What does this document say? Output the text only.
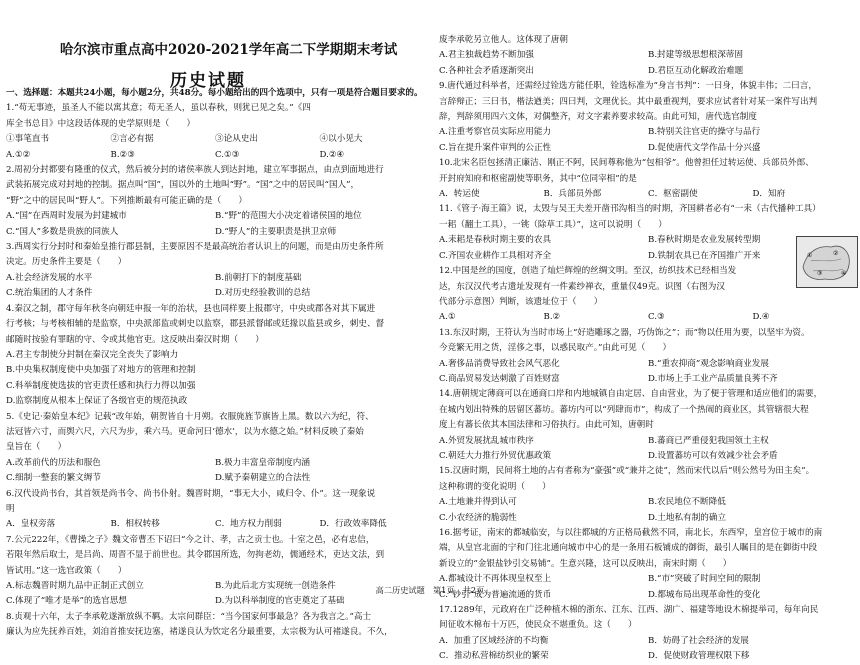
哈尔滨市重点高中2020-2021学年高二下学期期末考试
历史试题
一、选择题：本题共24小题，每小题2分，共48分。每小题给出的四个选项中，只有一项是符合题目要求的。
1.“苟无事迹，虽圣人不能以寓其意；苟无圣人，虽以春秋，则犹已见之矣。”《四
库全书总目》中这段话体现的史学原则是（　　）
①事笔直书	②言必有据	③论从史出	④以小见大
A.①②	B.②③	C.①③	D.②④
2.周初分封都要有隆重的仪式，然后被分封的诸侯率族人到达封地，建立军事据点，由点到面地进行
武装拓展完成对封地的控制。据点叫“国”，国以外的土地叫“野”。“国”之中的居民叫“国人”，
“野”之中的居民叫“野人”。下列推断最有可能正确的是（　　）
A.“国”在西周时发展为封建城市	B.“野”的范围大小决定着诸侯国的地位
C.“国人”多数是贵族的同族人	D.“野人”的主要职责是拱卫京师
3.西周实行分封时和秦始皇推行郡县制，主要原因不是最高统治者认识上的问题，而是由历史条件所
决定。历史条件主要是（　　）
A.社会经济发展的水平	B.前朝打下的制度基础
C.统治集团的人才条件	D.对历史经验教训的总结
4.秦汉之制，郡守每年秋冬向朝廷申报一年的治状，县也同样要上报郡守，中央或郡各对其下属进
行考核；与考核相辅的是监察，中央派部监或刺史以监察，郡县派督邮或廷掾以监县或乡，刺史、督
邮随时按验有罪瞎的守、令或其他官吏。这反映出秦汉时期（　　）
A.君主专制使分封制在秦汉完全丧失了影响力
B.中央集权制度使中央加强了对地方的管理和控制
C.科举制度使选拔的官吏责任感和执行力得以加强
D.监察制度从根本上保证了各级官吏的规范执政
5.《史记·秦始皇本纪》记载“改年始，朝贺皆自十月朔。衣服旄旌节旗皆上黑。数以六为纪，符、
法冠皆六寸，而舆六尺，六尺为步，乘六马。更命河曰‘德水’，以为水德之始。”材料反映了秦始
皇旨在（　　）
A.改革前代的历法和服色	B.极力丰富皇帝制度内涵
C.细制一整套的繁文缛节	D.赋予秦朝建立的合法性
6.汉代设尚书台，其首领是尚书令、尚书仆射。魏晋时期，“事无大小，咸归令、仆”。这一现象说
明
A．皇权旁落	B．相权转移	C．地方权力削弱	D．行政效率降低
7.公元222年，《曹操之子》魏文帝曹丕下诏曰“今之计、孝，古之贡士也。十室之邑，必有忠信，
若限年然后取士，是吕尚、周晋不显于前世也。其令郡国所选，勿拘老幼，儒通经术，吏达文法，到
皆试用。”这一选官政策（　　）
A.标志魏晋时期九品中正制正式创立	B.为此后北方实现统一创造条件
C.体现了“唯才是举”的选官思想	D.为以科举制度的官吏奠定了基础
8.贞观十六年，太子李承乾遂渐放纵不羁。太宗问群臣：“当今国家何事最急？各为我言之。”高士
廉认为应先抚养百姓，刘洎首推安抚边塞，褚遂良认为饮定名分最重要，太宗极为认可褚遂良。不久，
废李承乾另立他人。这体现了唐朝
A.君主独裁趋势不断加强	B.封建等级思想根深蒂固
C.各种社会矛盾逐渐突出	D.君臣互动化解政治难题
9.唐代通过科举者，还需经过铨选方能任职，铨选标准为“身言书判”：一曰身，体貌丰伟；二曰言，
言辞辩正；三曰书，楷法遒美；四曰判，文理优长。其中最重视判，要求应试者针对某一案件写出判
辞，判辞须用四六文体，对偶整齐，对文字素养要求较高。由此可知，唐代选官制度
A.注重考察官员实际应用能力	B.特别关注官吏的操守与品行
C.旨在提升案件审判的公正性	D.促使唐代文学作品十分兴盛
10.北宋名臣包拯清正廉洁、刚正不阿，民间尊称他为“包相爷”。他曾担任过转运使、兵部员外郎、
开封府知府和枢密副使等职务，其中“位同宰相”的是
A．转运使	B．兵部员外郎	C．枢密副使	D．知府
11.《管子·海王篇》说，太毁与吴王夫差开凿邗沟相当的时期，齐国耕者必有“一耒（古代播种工具）
一耜（翻土工具），一铫（除草工具）”，这可以说明（　　）
A.耒耜是春秋时期主要的农具	B.春秋时期是农业发展转型期
C.齐国农业耕作工具相对齐全	D.铁制农具已在齐国推广开来
12.中国是丝的国度，创造了灿烂辉煌的丝绸文明。至汉，纺织技术已经相当发
达，东汉汉代考古遗址发现有一件素纱禅衣，重量仅49克。识图（右图为汉
代部分示意图）判断，该遗址位于（　　）
A.①	B.②	C.③	D.④
13.东汉时期，王符认为当时市场上“好造雕琢之器，巧伪饰之”；而“物以任用为要，以坚牢为资。
今竞繁无用之货，淫侈之事，以惑民取产。”由此可见（　　）
A.奢侈品消费导致社会风气恶化	B.“重农抑商”观念影响商业发展
C.商品贸易发达刺激了百姓财富	D.市场上手工业产品质量良莠不齐
14.唐朝规定薄商可以在通商口岸和内地城镇自由定居、自由营业，为了便于管理和适应他们的需要，
在城内划出特殊的居留区蕃坊。蕃坊内可以“列肆而市”，构成了一个热闹的商业区，其管辖很大程
度上有蕃长依其本国法律和习俗执行。由此可知，唐朝时
A.外贸发展扰乱城市秩序	B.蕃商已严重侵犯我国领土主权
C.朝廷大力推行外贸优惠政策	D.设置蕃坊可以有效减少社会矛盾
15.汉唐时期，民间将土地的占有者称为“豪强”或“兼并之徒”，然而宋代以后“则公然号为田主矣”。
这种称谓的变化说明（　　）
A.土地兼并得到认可	B.农民地位不断降低
C.小农经济的脆弱性	D.土地私有制的确立
16.据考证，南宋的都城临安，与以往都城的方正格局截然不同，南北长，东西窄，皇宫位于城市的南
端，从皇宫北面的宁和门往北通向城市中心的是一条用石板铺成的御街，最引人瞩目的是在御街中段
新设立的“金银盐钞引交易铺”。生意兴隆，这可以反映出，南宋时期（　　）
A.都城设计不再体现皇权至上	B.“市”突破了时间空间的限制
C.“钞引”成为普遍流通的货币	D.都城布局出现革命性的变化
17.1289年，元政府在广泛种植木棉的浙东、江东、江西、湖广、福建等地设木棉提举司，每年向民
间征收木棉布十万匹，使民众不堪重负。这（　　）
A．加重了区域经济的不均衡	B．妨碍了社会经济的发展
C．推动私营棉纺织业的繁荣	D．促使财政管理权限下移
①	②
③	④
高二历史试题　第1页　共2页
